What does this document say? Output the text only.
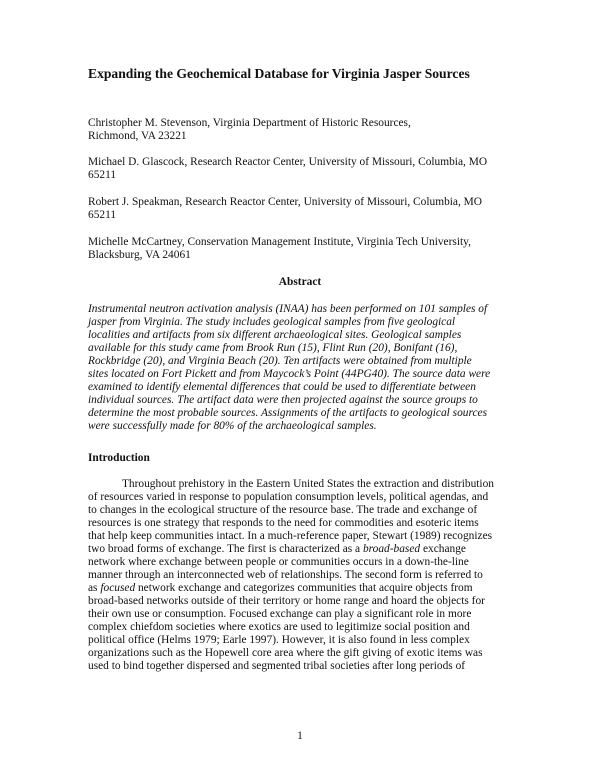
Expanding the Geochemical Database for Virginia Jasper Sources
Christopher M. Stevenson, Virginia Department of Historic Resources,
Richmond, VA 23221
Michael D. Glascock, Research Reactor Center, University of Missouri, Columbia, MO
65211
Robert J. Speakman, Research Reactor Center, University of Missouri, Columbia, MO
65211
Michelle McCartney, Conservation Management Institute, Virginia Tech University,
Blacksburg, VA 24061
Abstract
Instrumental neutron activation analysis (INAA) has been performed on 101 samples of
jasper from Virginia. The study includes geological samples from five geological
localities and artifacts from six different archaeological sites. Geological samples
available for this study came from Brook Run (15), Flint Run (20), Bonifant (16),
Rockbridge (20), and Virginia Beach (20). Ten artifacts were obtained from multiple
sites located on Fort Pickett and from Maycock’s Point (44PG40). The source data were
examined to identify elemental differences that could be used to differentiate between
individual sources. The artifact data were then projected against the source groups to
determine the most probable sources. Assignments of the artifacts to geological sources
were successfully made for 80% of the archaeological samples.
Introduction
Throughout prehistory in the Eastern United States the extraction and distribution
of resources varied in response to population consumption levels, political agendas, and
to changes in the ecological structure of the resource base. The trade and exchange of
resources is one strategy that responds to the need for commodities and esoteric items
that help keep communities intact. In a much-reference paper, Stewart (1989) recognizes
two broad forms of exchange. The first is characterized as a broad-based exchange
network where exchange between people or communities occurs in a down-the-line
manner through an interconnected web of relationships. The second form is referred to
as focused network exchange and categorizes communities that acquire objects from
broad-based networks outside of their territory or home range and hoard the objects for
their own use or consumption. Focused exchange can play a significant role in more
complex chiefdom societies where exotics are used to legitimize social position and
political office (Helms 1979; Earle 1997). However, it is also found in less complex
organizations such as the Hopewell core area where the gift giving of exotic items was
used to bind together dispersed and segmented tribal societies after long periods of
1
